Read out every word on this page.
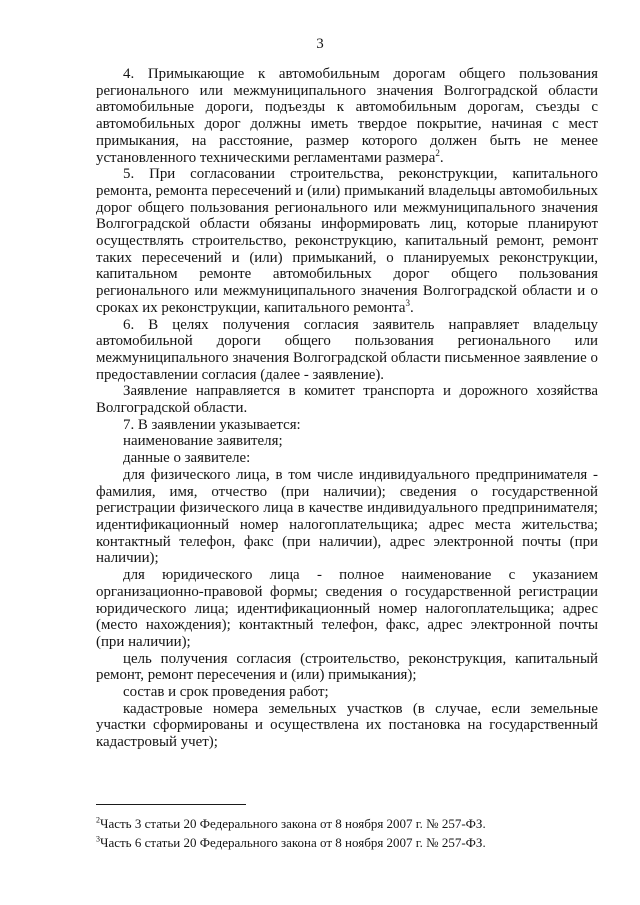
3

4. Примыкающие к автомобильным дорогам общего пользования регионального или межмуниципального значения Волгоградской области автомобильные дороги, подъезды к автомобильным дорогам, съезды с автомобильных дорог должны иметь твердое покрытие, начиная с мест примыкания, на расстояние, размер которого должен быть не менее установленного техническими регламентами размера$^2$.

5. При согласовании строительства, реконструкции, капитального ремонта, ремонта пересечений и (или) примыканий владельцы автомобильных дорог общего пользования регионального или межмуниципального значения Волгоградской области обязаны информировать лиц, которые планируют осуществлять строительство, реконструкцию, капитальный ремонт, ремонт таких пересечений и (или) примыканий, о планируемых реконструкции, капитальном ремонте автомобильных дорог общего пользования регионального или межмуниципального значения Волгоградской области и о сроках их реконструкции, капитального ремонта$^3$.

6. В целях получения согласия заявитель направляет владельцу автомобильной дороги общего пользования регионального или межмуниципального значения Волгоградской области письменное заявление о предоставлении согласия (далее - заявление).

Заявление направляется в комитет транспорта и дорожного хозяйства Волгоградской области.

7. В заявлении указывается:

наименование заявителя;

данные о заявителе:

для физического лица, в том числе индивидуального предпринимателя - фамилия, имя, отчество (при наличии); сведения о государственной регистрации физического лица в качестве индивидуального предпринимателя; идентификационный номер налогоплательщика; адрес места жительства; контактный телефон, факс (при наличии), адрес электронной почты (при наличии);

для юридического лица - полное наименование с указанием организационно-правовой формы; сведения о государственной регистрации юридического лица; идентификационный номер налогоплательщика; адрес (место нахождения); контактный телефон, факс, адрес электронной почты (при наличии);

цель получения согласия (строительство, реконструкция, капитальный ремонт, ремонт пересечения и (или) примыкания);

состав и срок проведения работ;

кадастровые номера земельных участков (в случае, если земельные участки сформированы и осуществлена их постановка на государственный кадастровый учет);

$^2$Часть 3 статьи 20 Федерального закона от 8 ноября 2007 г. № 257-ФЗ.

$^3$Часть 6 статьи 20 Федерального закона от 8 ноября 2007 г. № 257-ФЗ.
